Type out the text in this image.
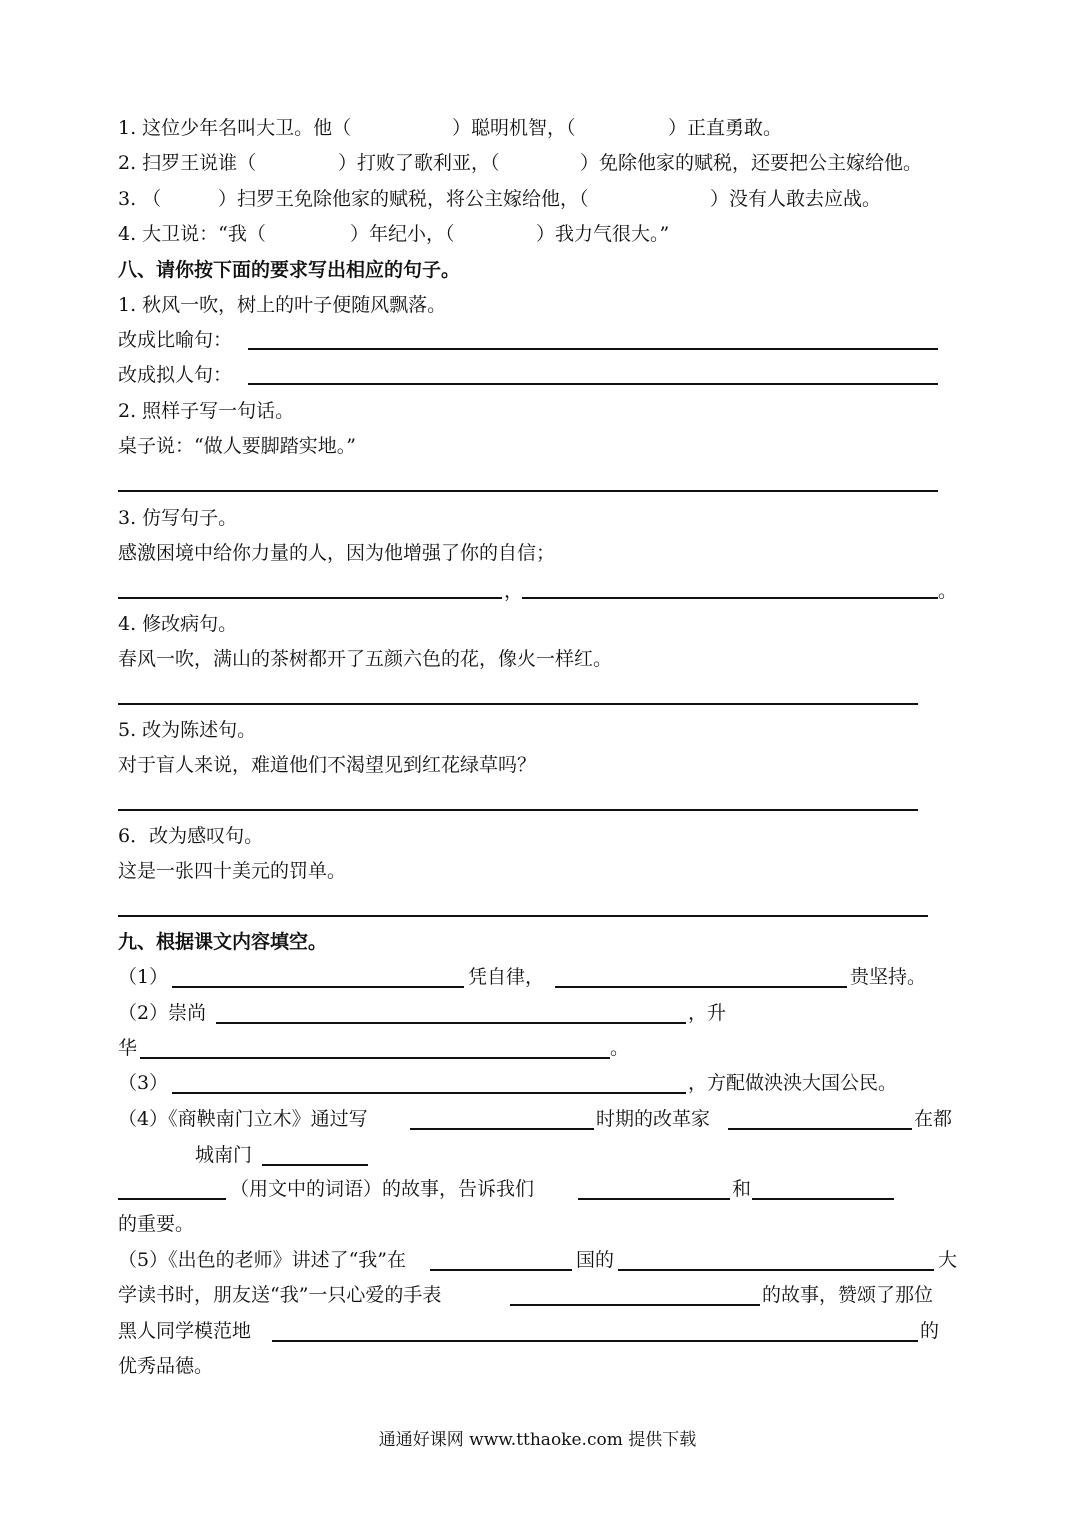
1. 这位少年名叫大卫。他（	）聪明机智，（	）正直勇敢。
2. 扫罗王说谁（	）打败了歌利亚，（	）免除他家的赋税，还要把公主嫁给他。
3. （	）扫罗王免除他家的赋税，将公主嫁给他，（	）没有人敢去应战。
4. 大卫说：“我（	）年纪小，（	）我力气很大。”
八、请你按下面的要求写出相应的句子。
1. 秋风一吹，树上的叶子便随风飘落。
改成比喻句：
改成拟人句：
2. 照样子写一句话。
桌子说：“做人要脚踏实地。”
3. 仿写句子。
感激困境中给你力量的人，因为他增强了你的自信；
，	。
4. 修改病句。
春风一吹，满山的茶树都开了五颜六色的花，像火一样红。
5. 改为陈述句。
对于盲人来说，难道他们不渴望见到红花绿草吗？
6．改为感叹句。
这是一张四十美元的罚单。
九、根据课文内容填空。
（1）	凭自律，	贵坚持。
（2）崇尚	，升
华	。
（3）	，方配做泱泱大国公民。
（4）《商鞅南门立木》通过写	时期的改革家	在都
城南门
（用文中的词语）的故事，告诉我们	和
的重要。
（5）《出色的老师》讲述了“我”在	国的	大
学读书时，朋友送“我”一只心爱的手表	的故事，赞颂了那位
黑人同学模范地	的
优秀品德。
通通好课网 www.tthaoke.com 提供下载
